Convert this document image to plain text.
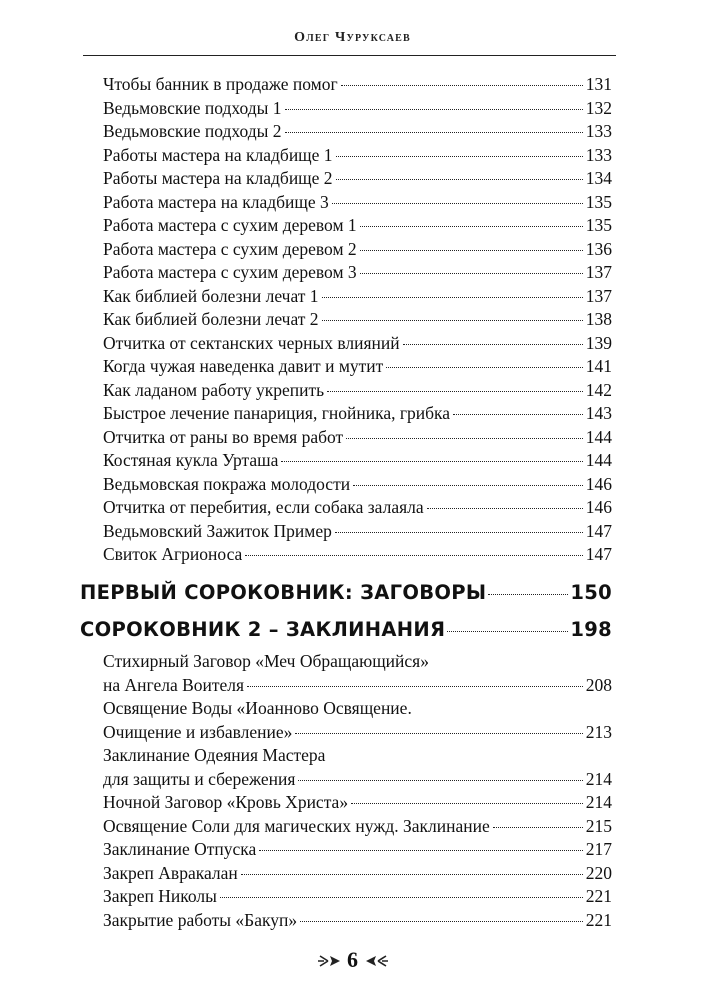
Олег Чуруксаев
Чтобы банник в продаже помог	131
Ведьмовские подходы 1	132
Ведьмовские подходы 2	133
Работы мастера на кладбище 1	133
Работы мастера на кладбище 2	134
Работа мастера на кладбище 3	135
Работа мастера с сухим деревом 1	135
Работа мастера с сухим деревом 2	136
Работа мастера с сухим деревом 3	137
Как библией болезни лечат 1	137
Как библией болезни лечат 2	138
Отчитка от сектанских черных влияний	139
Когда чужая наведенка давит и мутит	141
Как ладаном работу укрепить	142
Быстрое лечение панариция, гнойника, грибка	143
Отчитка от раны во время работ	144
Костяная кукла Урташа	144
Ведьмовская покража молодости	146
Отчитка от перебития, если собака залаяла	146
Ведьмовский Зажиток Пример	147
Свиток Агрионоса	147
ПЕРВЫЙ СОРОКОВНИК: ЗАГОВОРЫ	150
СОРОКОВНИК 2 – ЗАКЛИНАНИЯ	198
Стихирный Заговор «Меч Обращающийся»
на Ангела Воителя	208
Освящение Воды «Иоанново Освящение.
Очищение и избавление»	213
Заклинание Одеяния Мастера
для защиты и сбережения	214
Ночной Заговор «Кровь Христа»	214
Освящение Соли для магических нужд. Заклинание	215
Заклинание Отпуска	217
Закреп Авракалан	220
Закреп Николы	221
Закрытие работы «Бакуп»	221
6
